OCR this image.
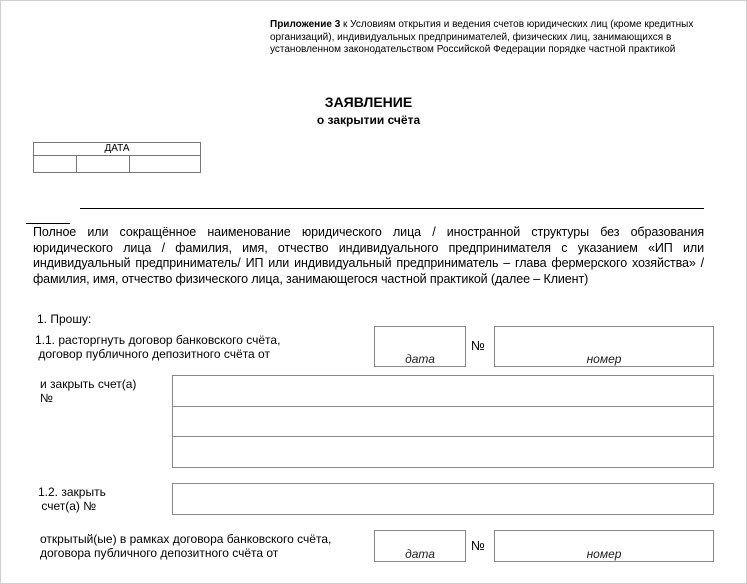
Приложение 3 к Условиям открытия и ведения счетов юридических лиц (кроме кредитных организаций), индивидуальных предпринимателей, физических лиц, занимающихся в установленном законодательством Российской Федерации порядке частной практикой
ЗАЯВЛЕНИЕ
о закрытии счёта
ДАТА
Полное или сокращённое наименование юридического лица / иностранной структуры без образования юридического лица / фамилия, имя, отчество индивидуального предпринимателя с указанием «ИП или индивидуальный предприниматель/ ИП или индивидуальный предприниматель – глава фермерского хозяйства» / фамилия, имя, отчество физического лица, занимающегося частной практикой (далее – Клиент)
1. Прошу:
1.1. расторгнуть договор банковского счёта,
договор публичного депозитного счёта от	дата
№
номер
и закрыть счет(а)
№
1.2. закрыть
счет(а) №
открытый(ые) в рамках договора банковского счёта,
договора публичного депозитного счёта от	дата
№
номер
